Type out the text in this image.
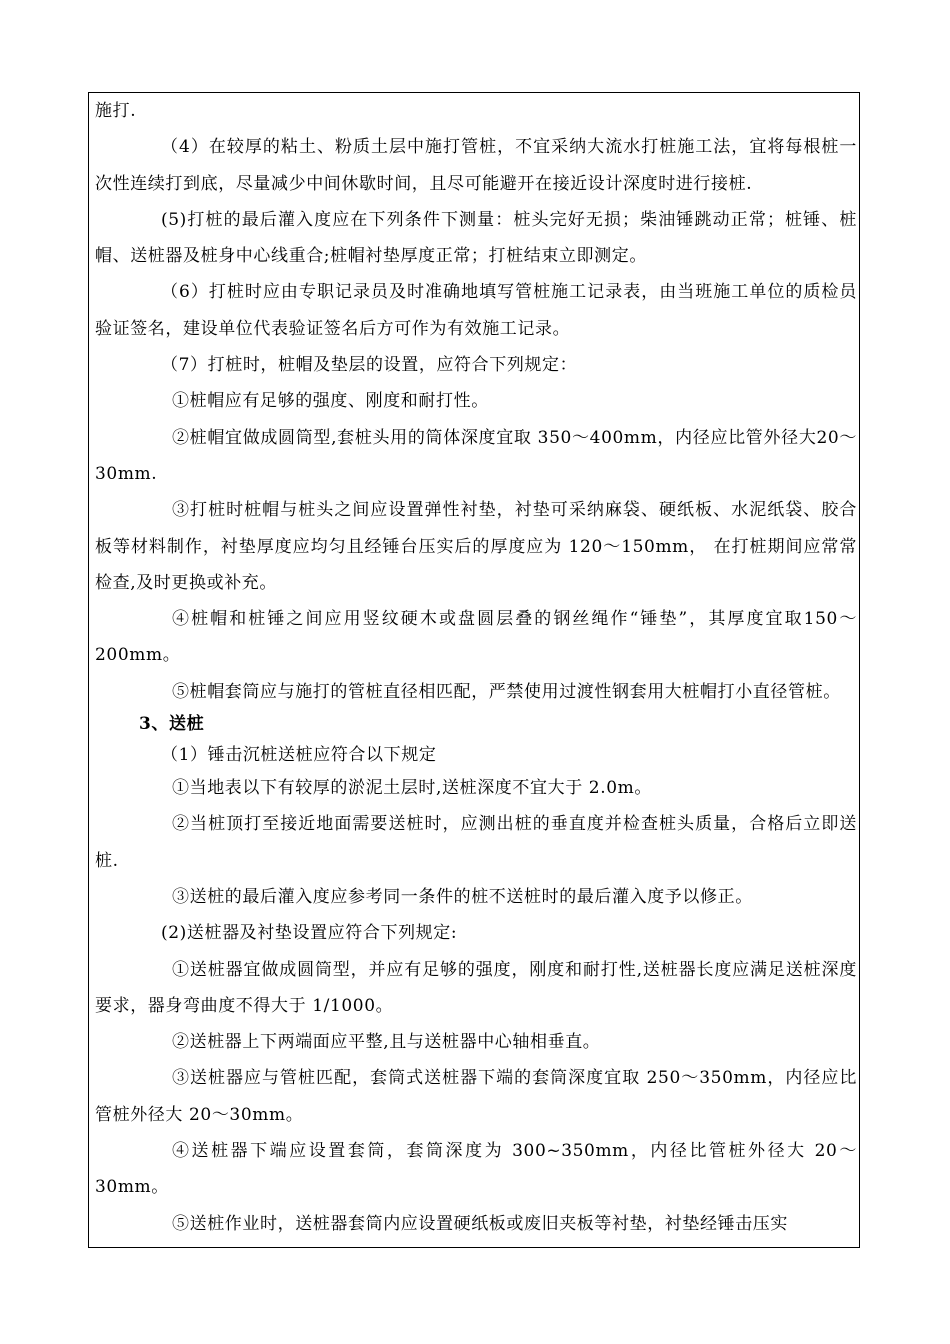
施打.

（4）在较厚的粘土、粉质土层中施打管桩，不宜采纳大流水打桩施工法，宜将每根桩一次性连续打到底，尽量减少中间休歇时间，且尽可能避开在接近设计深度时进行接桩.

(5)打桩的最后灌入度应在下列条件下测量：桩头完好无损；柴油锤跳动正常；桩锤、桩帽、送桩器及桩身中心线重合;桩帽衬垫厚度正常；打桩结束立即测定。

（6）打桩时应由专职记录员及时准确地填写管桩施工记录表，由当班施工单位的质检员验证签名，建设单位代表验证签名后方可作为有效施工记录。

（7）打桩时，桩帽及垫层的设置，应符合下列规定：

①桩帽应有足够的强度、刚度和耐打性。

②桩帽宜做成圆筒型,套桩头用的筒体深度宜取 350～400mm，内径应比管外径大20～30mm.

③打桩时桩帽与桩头之间应设置弹性衬垫，衬垫可采纳麻袋、硬纸板、水泥纸袋、胶合板等材料制作，衬垫厚度应均匀且经锤台压实后的厚度应为 120～150mm， 在打桩期间应常常检查,及时更换或补充。

④桩帽和桩锤之间应用竖纹硬木或盘圆层叠的钢丝绳作“锤垫”，其厚度宜取150～200mm。

⑤桩帽套筒应与施打的管桩直径相匹配，严禁使用过渡性钢套用大桩帽打小直径管桩。

3、送桩

（1）锤击沉桩送桩应符合以下规定

①当地表以下有较厚的淤泥土层时,送桩深度不宜大于 2.0m。

②当桩顶打至接近地面需要送桩时，应测出桩的垂直度并检查桩头质量，合格后立即送桩.

③送桩的最后灌入度应参考同一条件的桩不送桩时的最后灌入度予以修正。

(2)送桩器及衬垫设置应符合下列规定:

①送桩器宜做成圆筒型，并应有足够的强度，刚度和耐打性,送桩器长度应满足送桩深度要求，器身弯曲度不得大于 1/1000。

②送桩器上下两端面应平整,且与送桩器中心轴相垂直。

③送桩器应与管桩匹配，套筒式送桩器下端的套筒深度宜取 250～350mm，内径应比管桩外径大 20～30mm。

④送桩器下端应设置套筒，套筒深度为 300~350mm，内径比管桩外径大 20～30mm。

⑤送桩作业时，送桩器套筒内应设置硬纸板或废旧夹板等衬垫，衬垫经锤击压实
